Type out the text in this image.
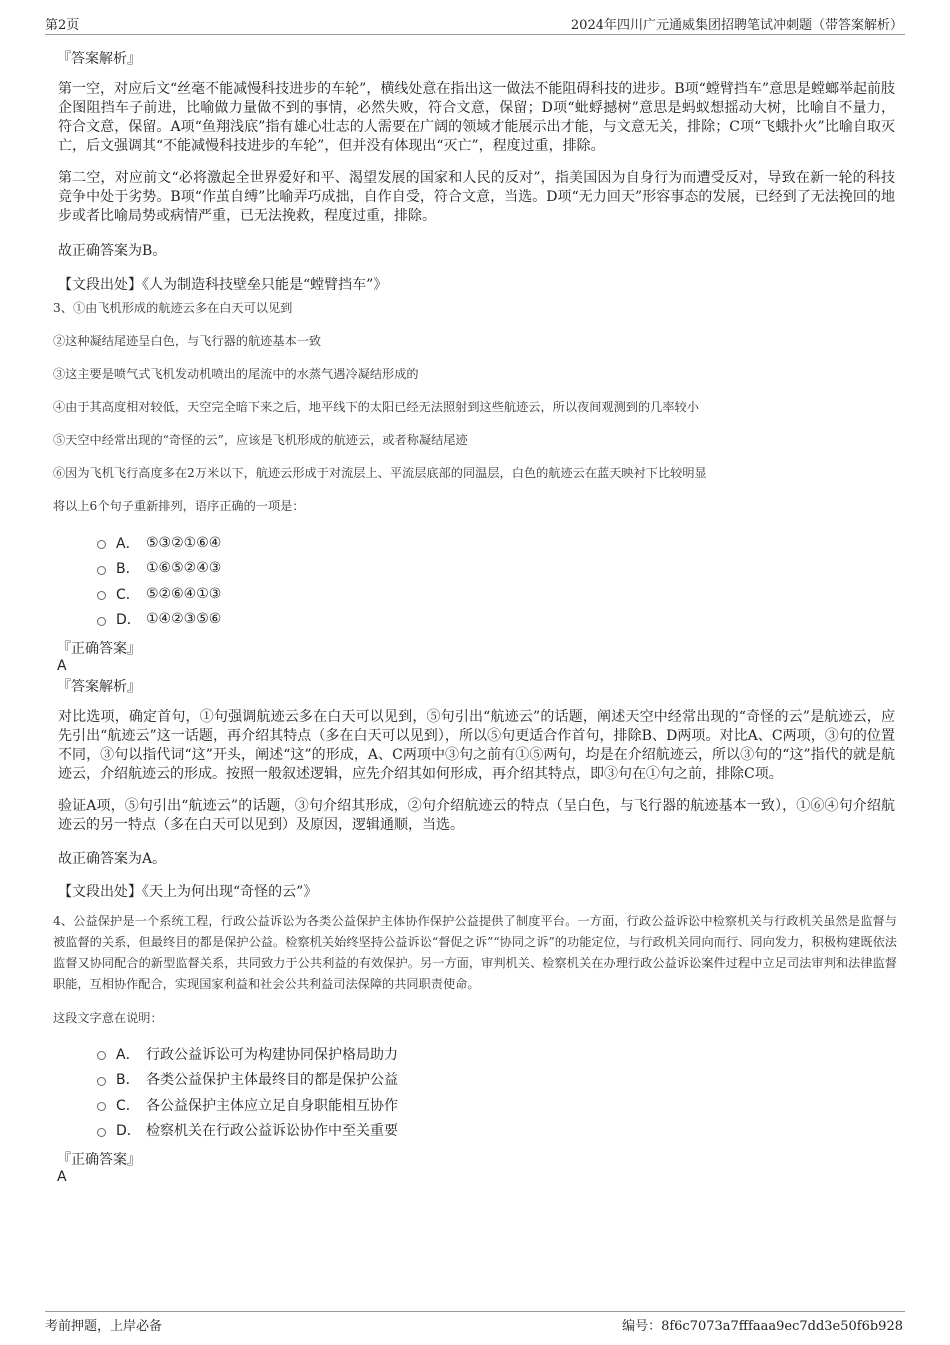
第2页	2024年四川广元通威集团招聘笔试冲刺题（带答案解析）
『答案解析』
第一空，对应后文“丝毫不能减慢科技进步的车轮”，横线处意在指出这一做法不能阻碍科技的进步。B项“螳臂挡车”意思是螳螂举起前肢企图阻挡车子前进，比喻做力量做不到的事情，必然失败，符合文意，保留；D项“蚍蜉撼树”意思是蚂蚁想摇动大树，比喻自不量力，符合文意，保留。A项“鱼翔浅底”指有雄心壮志的人需要在广阔的领域才能展示出才能，与文意无关，排除；C项“飞蛾扑火”比喻自取灭亡，后文强调其“不能减慢科技进步的车轮”，但并没有体现出“灭亡”，程度过重，排除。
第二空，对应前文“必将激起全世界爱好和平、渴望发展的国家和人民的反对”，指美国因为自身行为而遭受反对，导致在新一轮的科技竞争中处于劣势。B项“作茧自缚”比喻弄巧成拙，自作自受，符合文意，当选。D项“无力回天”形容事态的发展，已经到了无法挽回的地步或者比喻局势或病情严重，已无法挽救，程度过重，排除。
故正确答案为B。
【文段出处】《人为制造科技壁垒只能是“螳臂挡车”》
3、①由飞机形成的航迹云多在白天可以见到
②这种凝结尾迹呈白色，与飞行器的航迹基本一致
③这主要是喷气式飞机发动机喷出的尾流中的水蒸气遇冷凝结形成的
④由于其高度相对较低，天空完全暗下来之后，地平线下的太阳已经无法照射到这些航迹云，所以夜间观测到的几率较小
⑤天空中经常出现的“奇怪的云”，应该是飞机形成的航迹云，或者称凝结尾迹
⑥因为飞机飞行高度多在2万米以下，航迹云形成于对流层上、平流层底部的同温层，白色的航迹云在蓝天映衬下比较明显
将以上6个句子重新排列，语序正确的一项是：
A． ⑤③②①⑥④
B． ①⑥⑤②④③
C． ⑤②⑥④①③
D． ①④②③⑤⑥
『正确答案』
A
『答案解析』
对比选项，确定首句，①句强调航迹云多在白天可以见到，⑤句引出“航迹云”的话题，阐述天空中经常出现的“奇怪的云”是航迹云，应先引出“航迹云”这一话题，再介绍其特点（多在白天可以见到），所以⑤句更适合作首句，排除B、D两项。对比A、C两项，③句的位置不同，③句以指代词“这”开头，阐述“这”的形成，A、C两项中③句之前有①⑤两句，均是在介绍航迹云，所以③句的“这”指代的就是航迹云，介绍航迹云的形成。按照一般叙述逻辑，应先介绍其如何形成，再介绍其特点，即③句在①句之前，排除C项。
验证A项，⑤句引出“航迹云”的话题，③句介绍其形成，②句介绍航迹云的特点（呈白色，与飞行器的航迹基本一致），①⑥④句介绍航迹云的另一特点（多在白天可以见到）及原因，逻辑通顺，当选。
故正确答案为A。
【文段出处】《天上为何出现“奇怪的云”》
4、公益保护是一个系统工程，行政公益诉讼为各类公益保护主体协作保护公益提供了制度平台。一方面，行政公益诉讼中检察机关与行政机关虽然是监督与被监督的关系，但最终目的都是保护公益。检察机关始终坚持公益诉讼“督促之诉”“协同之诉”的功能定位，与行政机关同向而行、同向发力，积极构建既依法监督又协同配合的新型监督关系，共同致力于公共利益的有效保护。另一方面，审判机关、检察机关在办理行政公益诉讼案件过程中立足司法审判和法律监督职能，互相协作配合，实现国家利益和社会公共利益司法保障的共同职责使命。
这段文字意在说明：
A． 行政公益诉讼可为构建协同保护格局助力
B． 各类公益保护主体最终目的都是保护公益
C． 各公益保护主体应立足自身职能相互协作
D． 检察机关在行政公益诉讼协作中至关重要
『正确答案』
A
考前押题，上岸必备	编号：8f6c7073a7fffaaa9ec7dd3e50f6b928
